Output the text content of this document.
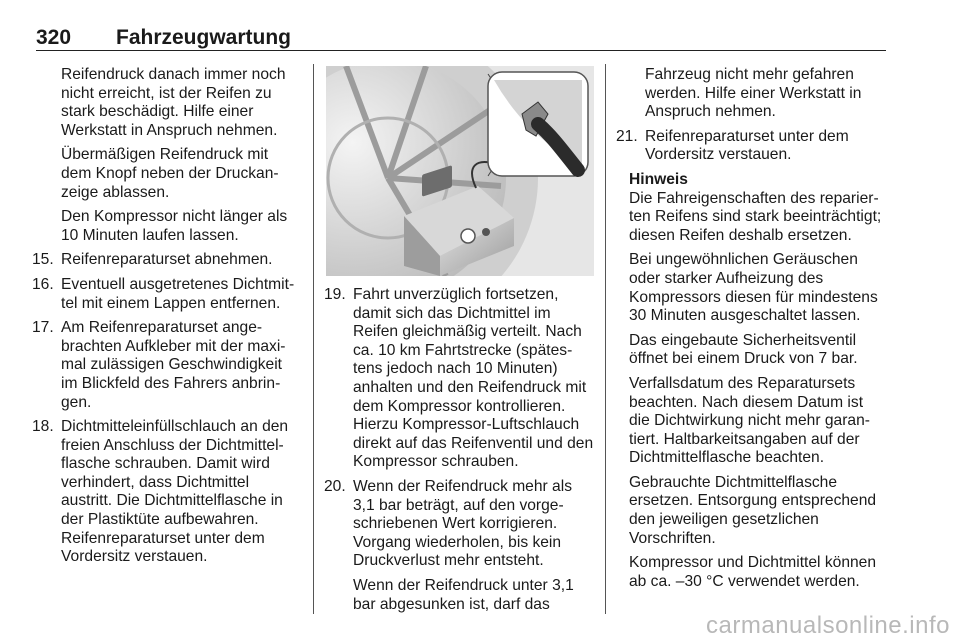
320 Fahrzeugwartung

Reifendruck danach immer noch nicht erreicht, ist der Reifen zu stark beschädigt. Hilfe einer Werkstatt in Anspruch nehmen.

Übermäßigen Reifendruck mit dem Knopf neben der Druckanzeige ablassen.

Den Kompressor nicht länger als 10 Minuten laufen lassen.

15. Reifenreparaturset abnehmen.
16. Eventuell ausgetretenes Dichtmittel mit einem Lappen entfernen.
17. Am Reifenreparaturset angebrachten Aufkleber mit der maximal zulässigen Geschwindigkeit im Blickfeld des Fahrers anbringen.
18. Dichtmitteleinfüllschlauch an den freien Anschluss der Dichtmittelflasche schrauben. Damit wird verhindert, dass Dichtmittel austritt. Die Dichtmittelflasche in der Plastiktüte aufbewahren. Reifenreparaturset unter dem Vordersitz verstauen.
19. Fahrt unverzüglich fortsetzen, damit sich das Dichtmittel im Reifen gleichmäßig verteilt. Nach ca. 10 km Fahrtstrecke (spätestens jedoch nach 10 Minuten) anhalten und den Reifendruck mit dem Kompressor kontrollieren. Hierzu Kompressor-Luftschlauch direkt auf das Reifenventil und den Kompressor schrauben.
20. Wenn der Reifendruck mehr als 3,1 bar beträgt, auf den vorgeschriebenen Wert korrigieren. Vorgang wiederholen, bis kein Druckverlust mehr entsteht.

Wenn der Reifendruck unter 3,1 bar abgesunken ist, darf das

Fahrzeug nicht mehr gefahren werden. Hilfe einer Werkstatt in Anspruch nehmen.

21. Reifenreparaturset unter dem Vordersitz verstauen.

Hinweis

Die Fahreigenschaften des reparierten Reifens sind stark beeinträchtigt; diesen Reifen deshalb ersetzen.

Bei ungewöhnlichen Geräuschen oder starker Aufheizung des Kompressors diesen für mindestens 30 Minuten ausgeschaltet lassen.

Das eingebaute Sicherheitsventil öffnet bei einem Druck von 7 bar.

Verfallsdatum des Reparatursets beachten. Nach diesem Datum ist die Dichtwirkung nicht mehr garantiert. Haltbarkeitsangaben auf der Dichtmittelflasche beachten.

Gebrauchte Dichtmittelflasche ersetzen. Entsorgung entsprechend den jeweiligen gesetzlichen Vorschriften.

Kompressor und Dichtmittel können ab ca. –30 °C verwendet werden.

carmanualsonline.info
